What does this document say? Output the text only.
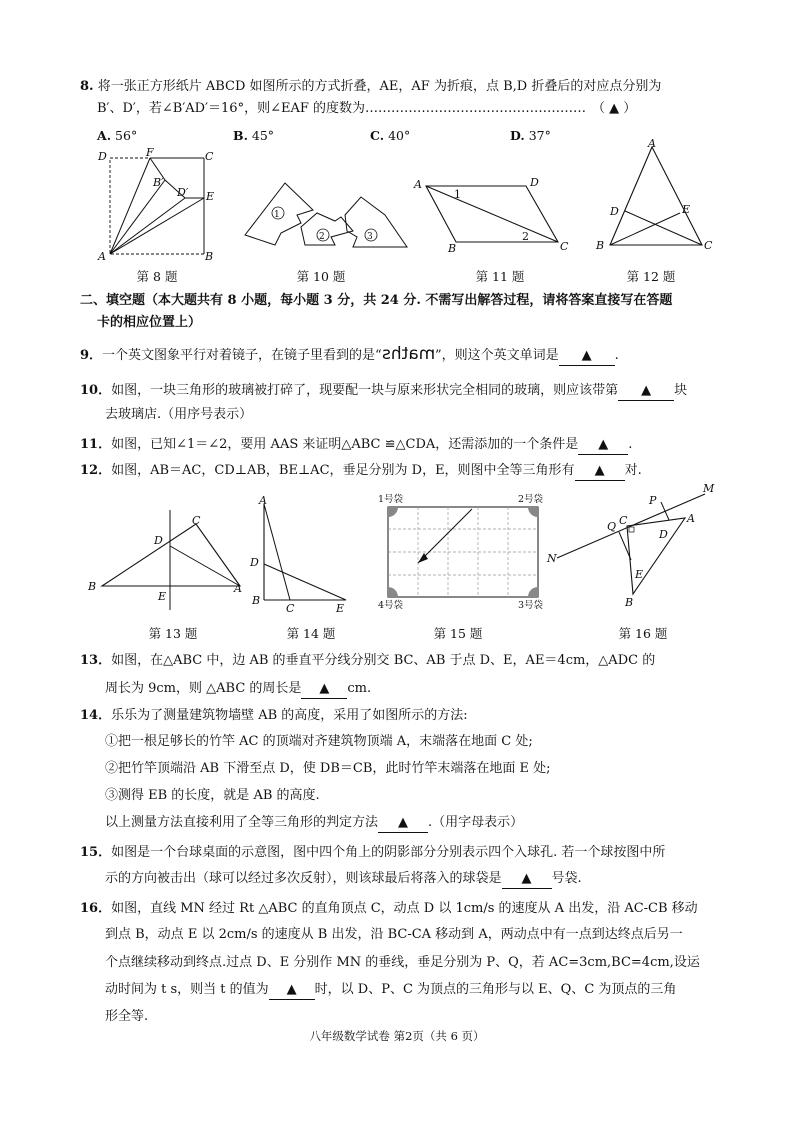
8. 将一张正方形纸片 ABCD 如图所示的方式折叠，AE，AF 为折痕，点 B,D 折叠后的对应点分别为
B′、D′，若∠B′AD′＝16°，则∠EAF 的度数为…………………………………………… （ ▲ ）
A. 56°	B. 45°	C. 40°	D. 37°
D	F	C
B′
D′ E
A	B
1
2	3
A	D
B	C
1
2
A
D	E
B	C
第 8 题	第 10 题	第 11 题	第 12 题
二、填空题（本大题共有 8 小题，每小题 3 分，共 24 分. 不需写出解答过程，请将答案直接写在答题
卡的相应位置上）
9．一个英文图象平行对着镜子，在镜子里看到的是“maths”，则这个英文单词是 ▲ .
10．如图，一块三角形的玻璃被打碎了，现要配一块与原来形状完全相同的玻璃，则应该带第 ▲ 块
去玻璃店.（用序号表示）
11．如图，已知∠1＝∠2，要用 AAS 来证明△ABC ≌△CDA，还需添加的一个条件是 ▲ .
12．如图，AB＝AC，CD⊥AB，BE⊥AC，垂足分别为 D，E，则图中全等三角形有 ▲ 对.
C
D
B
E
A
A
D
B
C	E
1号袋	2号袋
4号袋	3号袋
M
N
P
Q C	A
D
E
B
第 13 题	第 14 题	第 15 题	第 16 题
13．如图，在△ABC 中，边 AB 的垂直平分线分别交 BC、AB 于点 D、E，AE＝4cm，△ADC 的
周长为 9cm，则 △ABC 的周长是 ▲ cm.
14．乐乐为了测量建筑物墙壁 AB 的高度，采用了如图所示的方法:
①把一根足够长的竹竿 AC 的顶端对齐建筑物顶端 A，末端落在地面 C 处;
②把竹竿顶端沿 AB 下滑至点 D，使 DB＝CB，此时竹竿末端落在地面 E 处;
③测得 EB 的长度，就是 AB 的高度.
以上测量方法直接利用了全等三角形的判定方法 ▲ .（用字母表示）
15．如图是一个台球桌面的示意图，图中四个角上的阴影部分分别表示四个入球孔. 若一个球按图中所
示的方向被击出（球可以经过多次反射），则该球最后将落入的球袋是 ▲ 号袋.
16．如图，直线 MN 经过 Rt △ABC 的直角顶点 C，动点 D 以 1cm/s 的速度从 A 出发，沿 AC-CB 移动
到点 B，动点 E 以 2cm/s 的速度从 B 出发，沿 BC-CA 移动到 A，两动点中有一点到达终点后另一
个点继续移动到终点.过点 D、E 分别作 MN 的垂线，垂足分别为 P、Q，若 AC=3cm,BC=4cm,设运
动时间为 t s，则当 t 的值为 ▲ 时，以 D、P、C 为顶点的三角形与以 E、Q、C 为顶点的三角
形全等.
八年级数学试卷 第2页（共 6 页）
